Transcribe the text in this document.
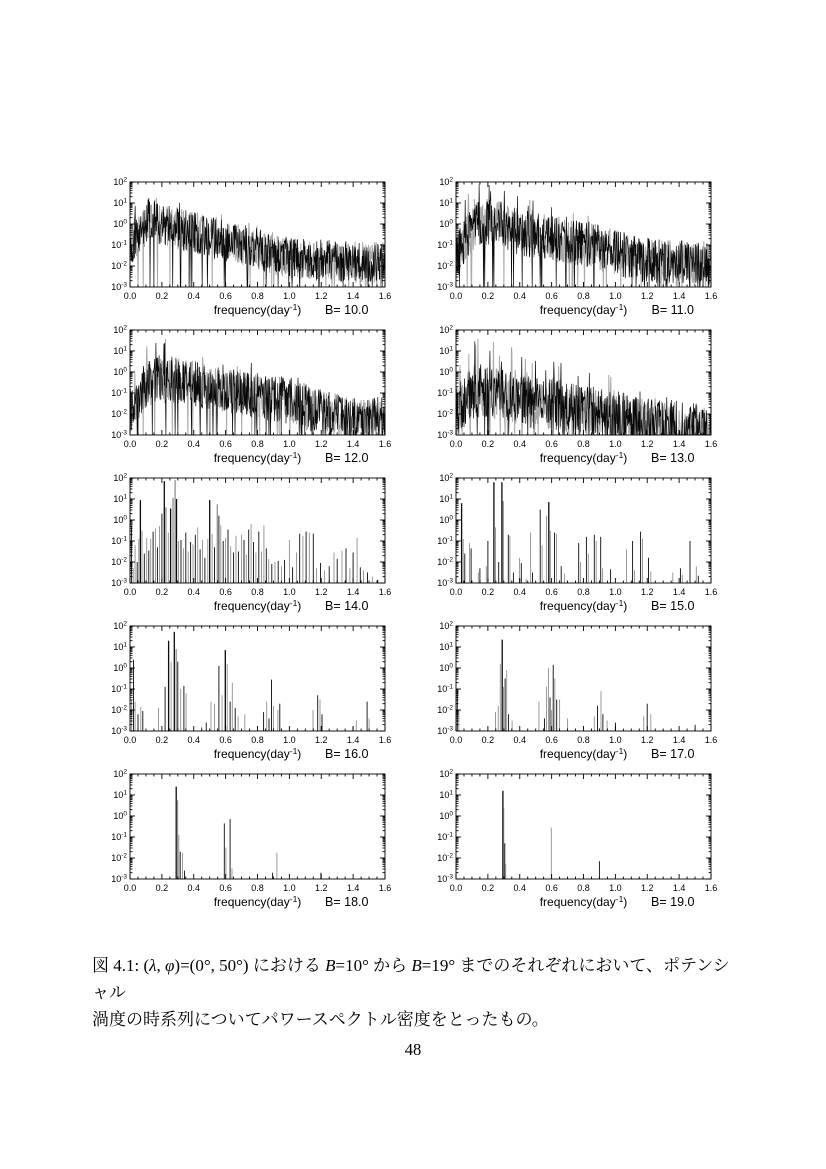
$10^2$
$10^1$
$10^0$
$10^{-1}$
$10^{-2}$
$10^{-3}$
0.0 0.2 0.4 0.6 0.8 1.0 1.2 1.4 1.6
frequency(day$^{-1}$) B= 10.0
$10^2$
$10^1$
$10^0$
$10^{-1}$
$10^{-2}$
$10^{-3}$
0.0 0.2 0.4 0.6 0.8 1.0 1.2 1.4 1.6
frequency(day$^{-1}$) B= 11.0
$10^2$
$10^1$
$10^0$
$10^{-1}$
$10^{-2}$
$10^{-3}$
0.0 0.2 0.4 0.6 0.8 1.0 1.2 1.4 1.6
frequency(day$^{-1}$) B= 12.0
$10^2$
$10^1$
$10^0$
$10^{-1}$
$10^{-2}$
$10^{-3}$
0.0 0.2 0.4 0.6 0.8 1.0 1.2 1.4 1.6
frequency(day$^{-1}$) B= 13.0
$10^2$
$10^1$
$10^0$
$10^{-1}$
$10^{-2}$
$10^{-3}$
0.0 0.2 0.4 0.6 0.8 1.0 1.2 1.4 1.6
frequency(day$^{-1}$) B= 14.0
$10^2$
$10^1$
$10^0$
$10^{-1}$
$10^{-2}$
$10^{-3}$
0.0 0.2 0.4 0.6 0.8 1.0 1.2 1.4 1.6
frequency(day$^{-1}$) B= 15.0
$10^2$
$10^1$
$10^0$
$10^{-1}$
$10^{-2}$
$10^{-3}$
0.0 0.2 0.4 0.6 0.8 1.0 1.2 1.4 1.6
frequency(day$^{-1}$) B= 16.0
$10^2$
$10^1$
$10^0$
$10^{-1}$
$10^{-2}$
$10^{-3}$
0.0 0.2 0.4 0.6 0.8 1.0 1.2 1.4 1.6
frequency(day$^{-1}$) B= 17.0
$10^2$
$10^1$
$10^0$
$10^{-1}$
$10^{-2}$
$10^{-3}$
0.0 0.2 0.4 0.6 0.8 1.0 1.2 1.4 1.6
frequency(day$^{-1}$) B= 18.0
$10^2$
$10^1$
$10^0$
$10^{-1}$
$10^{-2}$
$10^{-3}$
0.0 0.2 0.4 0.6 0.8 1.0 1.2 1.4 1.6
frequency(day$^{-1}$) B= 19.0
図 4.1: (λ, φ)=(0°, 50°) における B=10° から B=19° までのそれぞれにおいて、ポテンシャル
渦度の時系列についてパワースペクトル密度をとったもの。
48
